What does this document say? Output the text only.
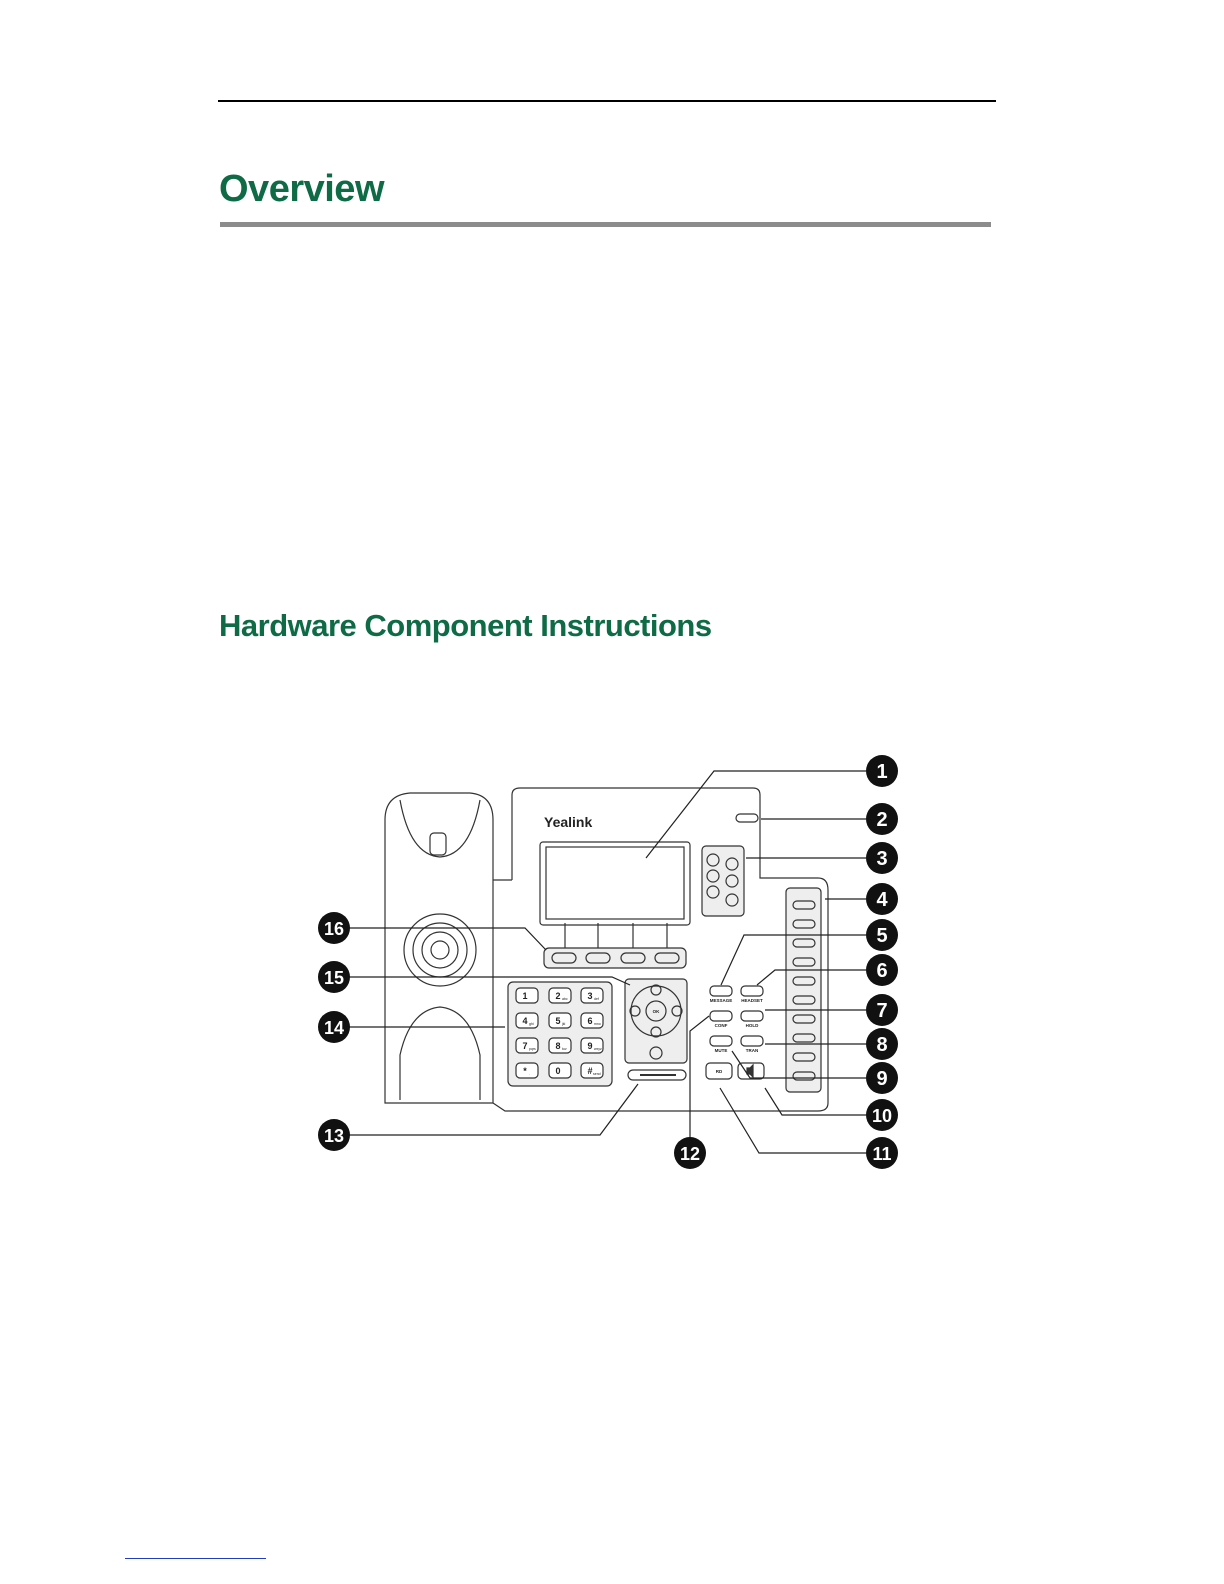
Overview
Hardware Component Instructions
Yealink
1	2	3
4	5	6
7	8	9
*	0	#
abc	def
ghi	jkl	mno
pqrs	tuv	wxyz
.	send
MESSAGE HEADSET
CONF	HOLD
MUTE	TRAN
RD
OK
1
2
3
4
5
6
7
8
9
10
11
12
13
14
15
16
